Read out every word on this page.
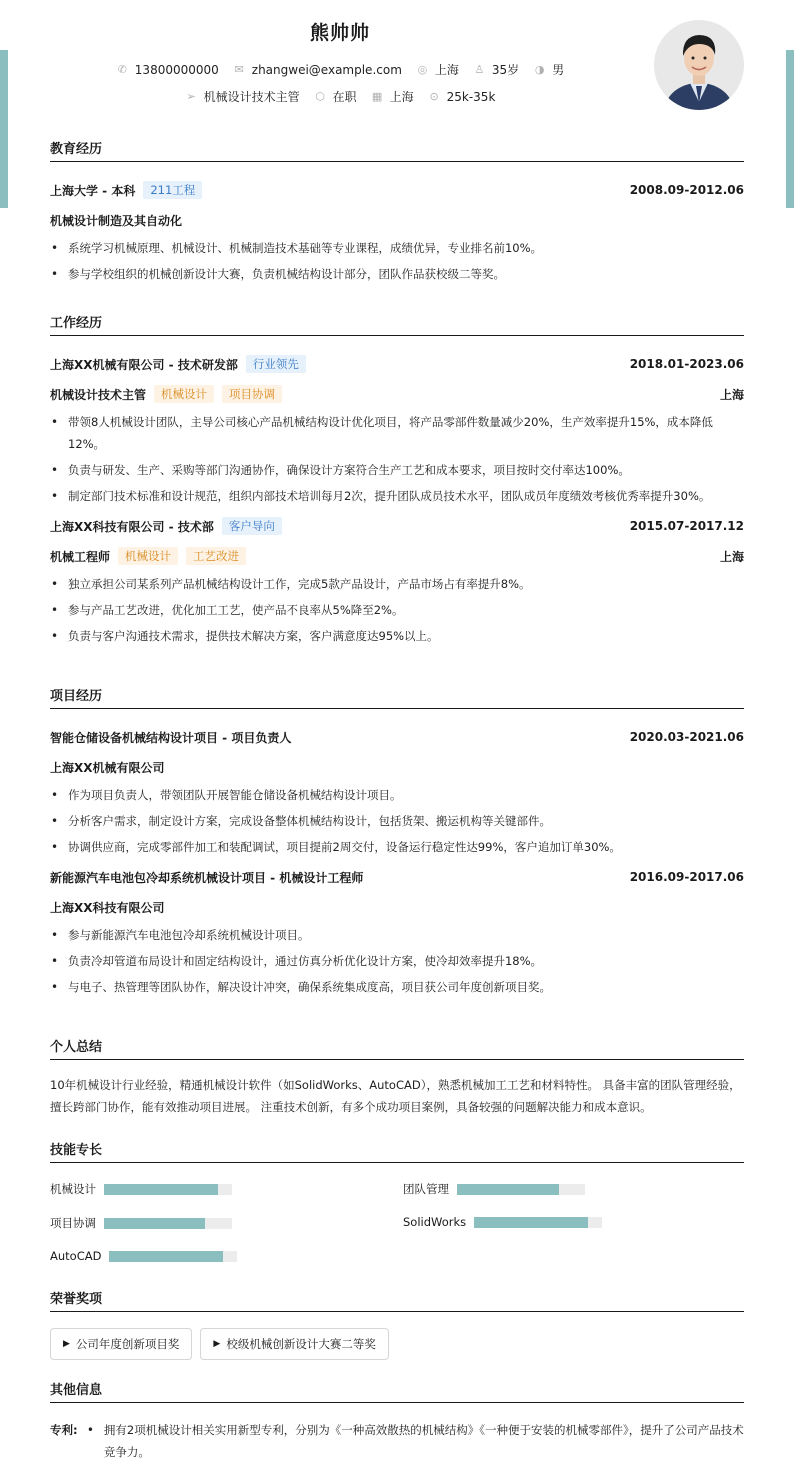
熊帅帅
✆ 13800000000 ✉ zhangwei@example.com ◎ 上海 ♙ 35岁 ◑ 男
➢ 机械设计技术主管 ⬡ 在职 ▦ 上海 ⊙ 25k-35k
教育经历
上海大学 - 本科	211工程	2008.09-2012.06
机械设计制造及其自动化
• 系统学习机械原理、机械设计、机械制造技术基础等专业课程，成绩优异，专业排名前10%。
• 参与学校组织的机械创新设计大赛，负责机械结构设计部分，团队作品获校级二等奖。
工作经历
上海XX机械有限公司 - 技术研发部	行业领先	2018.01-2023.06
机械设计技术主管	机械设计	项目协调	上海
• 带领8人机械设计团队，主导公司核心产品机械结构设计优化项目，将产品零部件数量减少20%，生产效率提升15%，成本降低12%。
• 负责与研发、生产、采购等部门沟通协作，确保设计方案符合生产工艺和成本要求，项目按时交付率达100%。
• 制定部门技术标准和设计规范，组织内部技术培训每月2次，提升团队成员技术水平，团队成员年度绩效考核优秀率提升30%。
上海XX科技有限公司 - 技术部	客户导向	2015.07-2017.12
机械工程师	机械设计	工艺改进	上海
• 独立承担公司某系列产品机械结构设计工作，完成5款产品设计，产品市场占有率提升8%。
• 参与产品工艺改进，优化加工工艺，使产品不良率从5%降至2%。
• 负责与客户沟通技术需求，提供技术解决方案，客户满意度达95%以上。
项目经历
智能仓储设备机械结构设计项目 - 项目负责人	2020.03-2021.06
上海XX机械有限公司
• 作为项目负责人，带领团队开展智能仓储设备机械结构设计项目。
• 分析客户需求，制定设计方案，完成设备整体机械结构设计，包括货架、搬运机构等关键部件。
• 协调供应商，完成零部件加工和装配调试，项目提前2周交付，设备运行稳定性达99%，客户追加订单30%。
新能源汽车电池包冷却系统机械设计项目 - 机械设计工程师	2016.09-2017.06
上海XX科技有限公司
• 参与新能源汽车电池包冷却系统机械设计项目。
• 负责冷却管道布局设计和固定结构设计，通过仿真分析优化设计方案，使冷却效率提升18%。
• 与电子、热管理等团队协作，解决设计冲突，确保系统集成度高，项目获公司年度创新项目奖。
个人总结
10年机械设计行业经验，精通机械设计软件（如SolidWorks、AutoCAD），熟悉机械加工工艺和材料特性。 具备丰富的团队管理经验，擅长跨部门协作，能有效推动项目进展。 注重技术创新，有多个成功项目案例，具备较强的问题解决能力和成本意识。
技能专长
机械设计	团队管理
项目协调	SolidWorks
AutoCAD
荣誉奖项
▶ 公司年度创新项目奖	▶ 校级机械创新设计大赛二等奖
其他信息
专利:
•	拥有2项机械设计相关实用新型专利，分别为《一种高效散热的机械结构》《一种便于安装的机械零部件》，提升了公司产品技术竞争力。
